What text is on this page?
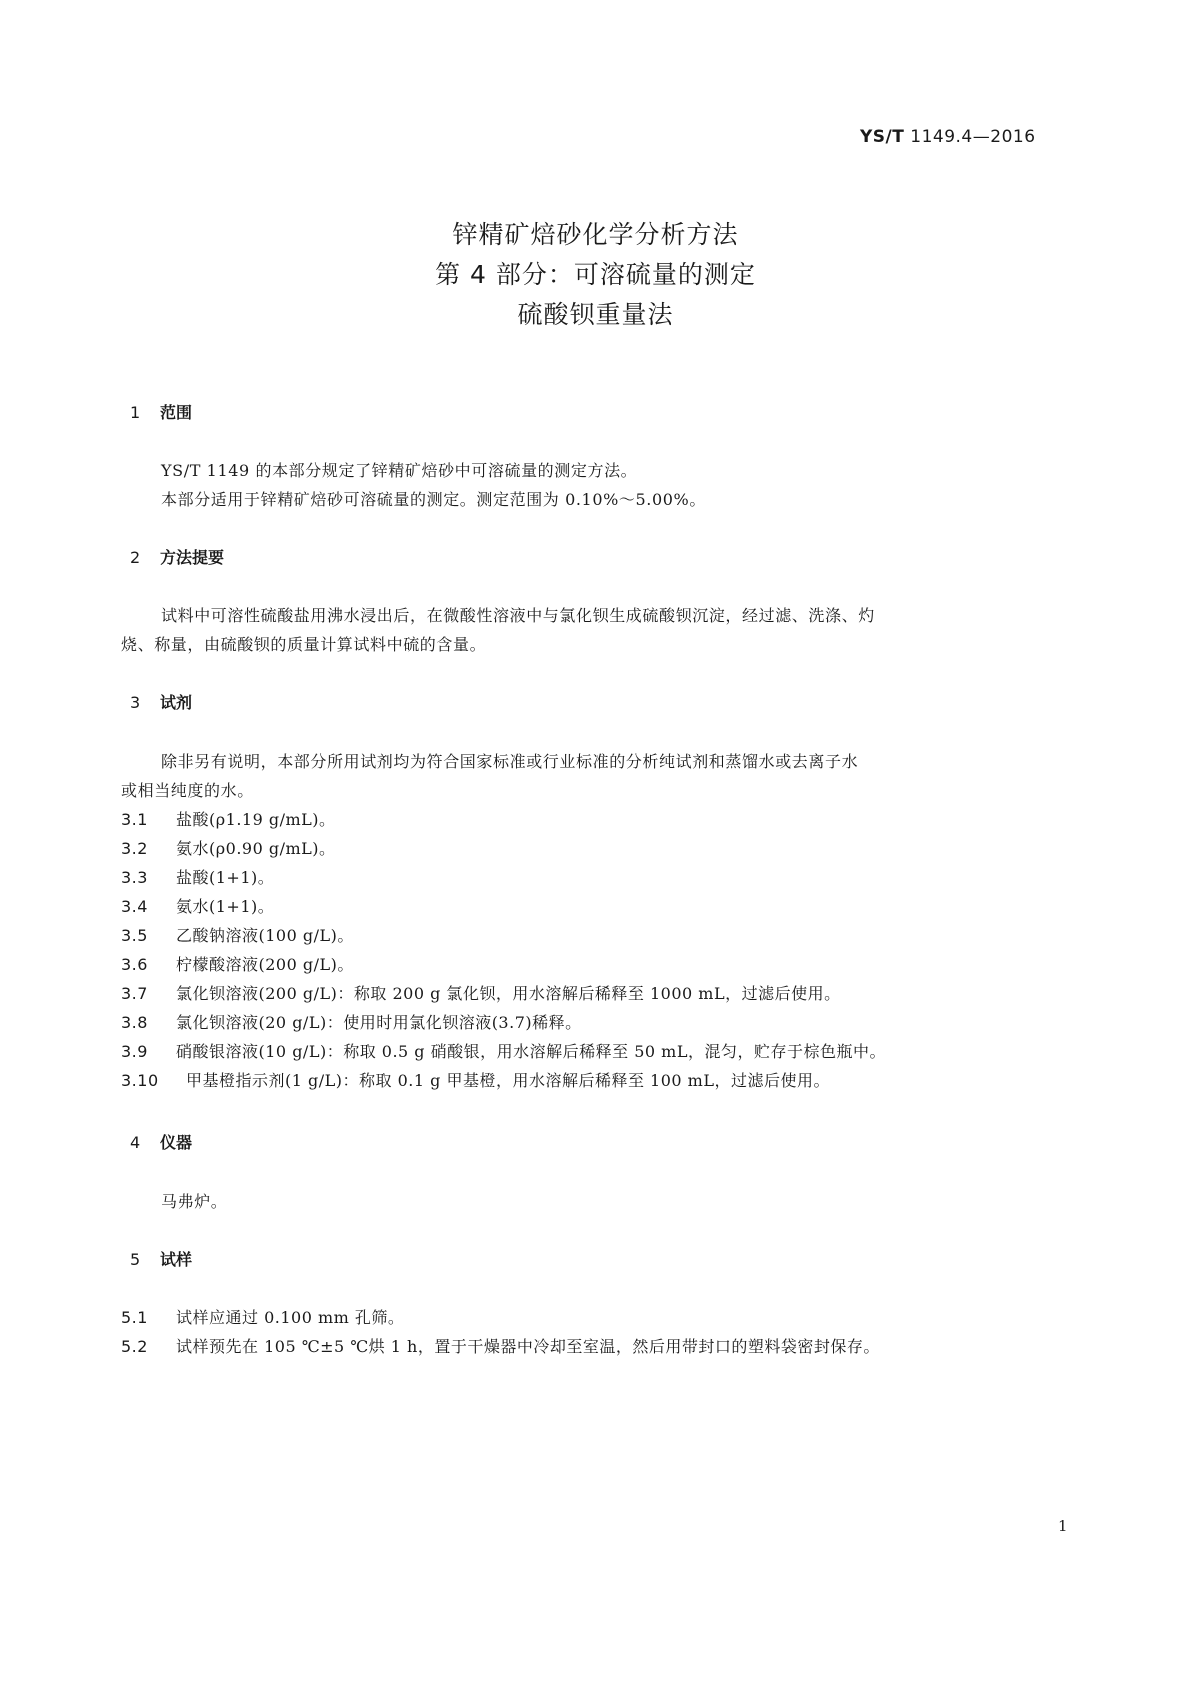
YS/T 1149.4—2016
锌精矿焙砂化学分析方法
第 4 部分：可溶硫量的测定
硫酸钡重量法
1 范围
YS/T 1149 的本部分规定了锌精矿焙砂中可溶硫量的测定方法。
本部分适用于锌精矿焙砂可溶硫量的测定。测定范围为 0.10%～5.00%。
2 方法提要
试料中可溶性硫酸盐用沸水浸出后，在微酸性溶液中与氯化钡生成硫酸钡沉淀，经过滤、洗涤、灼
烧、称量，由硫酸钡的质量计算试料中硫的含量。
3 试剂
除非另有说明，本部分所用试剂均为符合国家标准或行业标准的分析纯试剂和蒸馏水或去离子水
或相当纯度的水。
3.1 盐酸(ρ1.19 g/mL)。
3.2 氨水(ρ0.90 g/mL)。
3.3 盐酸(1+1)。
3.4 氨水(1+1)。
3.5 乙酸钠溶液(100 g/L)。
3.6 柠檬酸溶液(200 g/L)。
3.7 氯化钡溶液(200 g/L)：称取 200 g 氯化钡，用水溶解后稀释至 1000 mL，过滤后使用。
3.8 氯化钡溶液(20 g/L)：使用时用氯化钡溶液(3.7)稀释。
3.9 硝酸银溶液(10 g/L)：称取 0.5 g 硝酸银，用水溶解后稀释至 50 mL，混匀，贮存于棕色瓶中。
3.10 甲基橙指示剂(1 g/L)：称取 0.1 g 甲基橙，用水溶解后稀释至 100 mL，过滤后使用。
4 仪器
马弗炉。
5 试样
5.1 试样应通过 0.100 mm 孔筛。
5.2 试样预先在 105 ℃±5 ℃烘 1 h，置于干燥器中冷却至室温，然后用带封口的塑料袋密封保存。
1
